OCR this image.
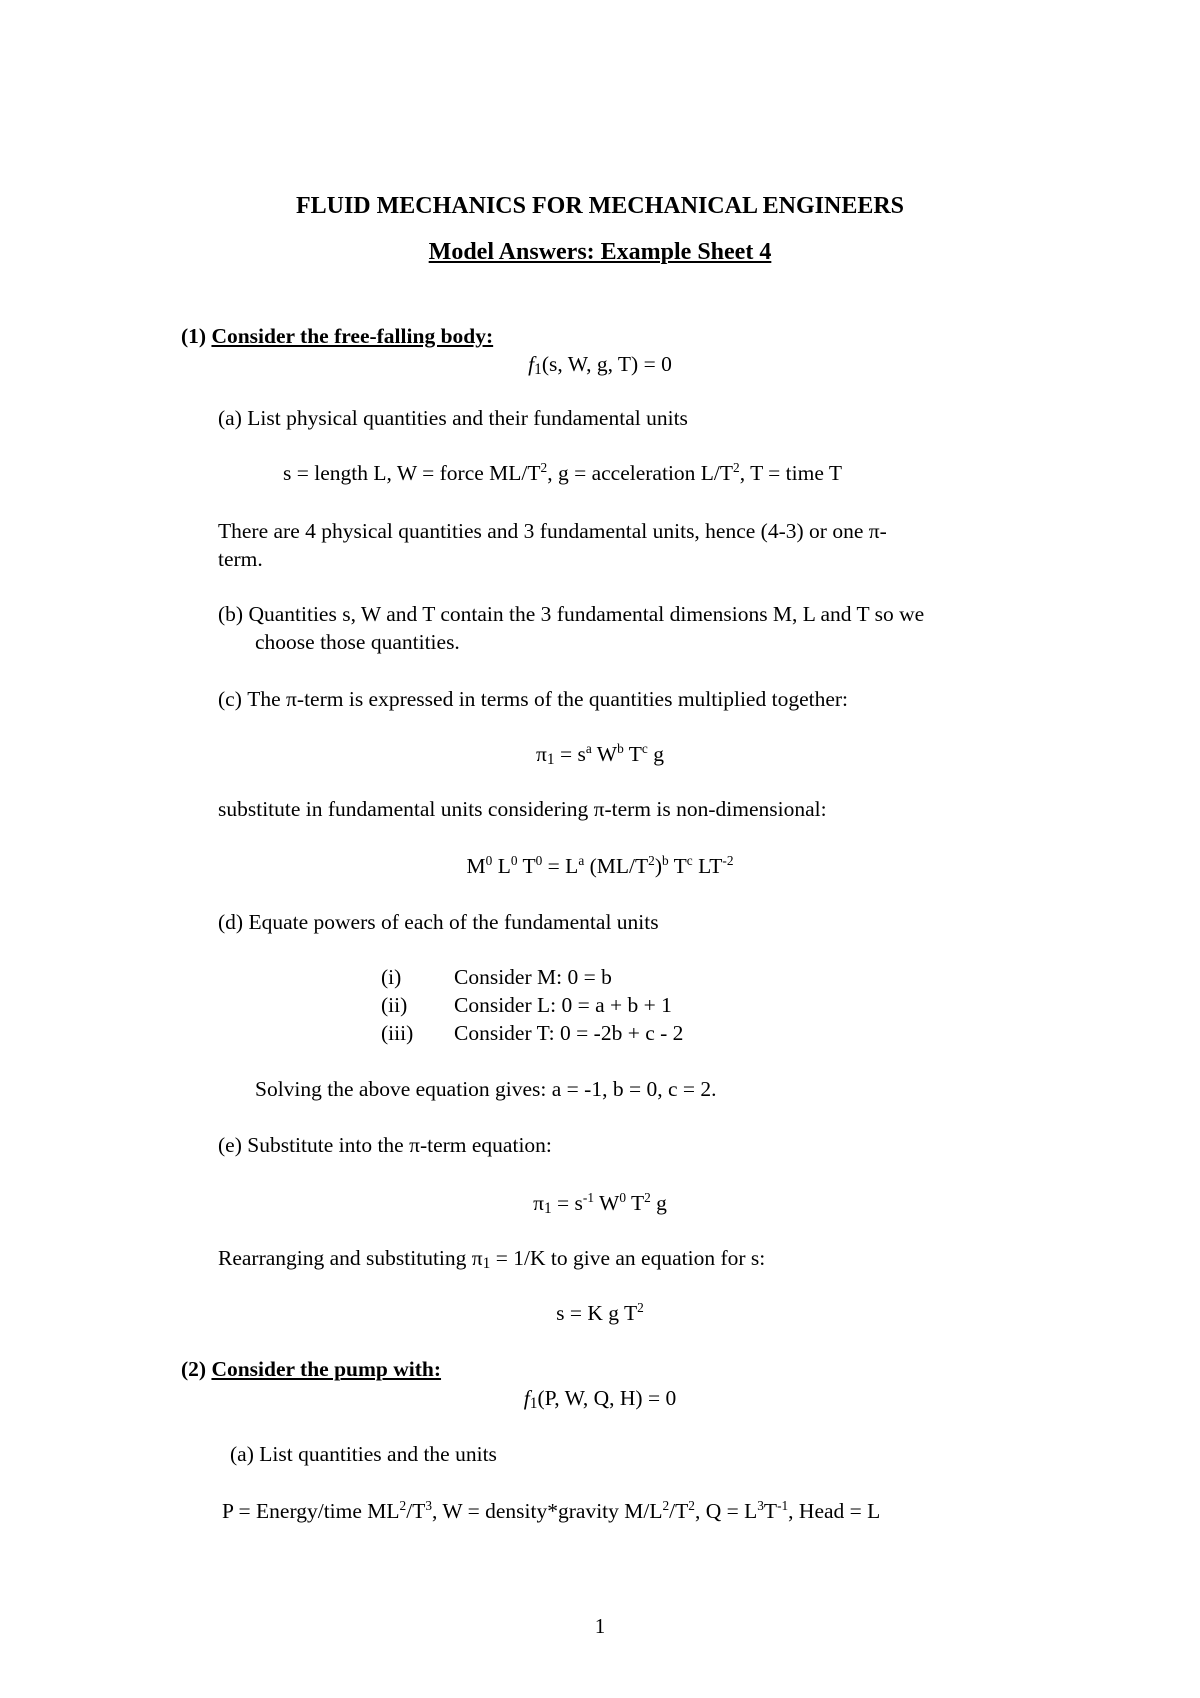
FLUID MECHANICS FOR MECHANICAL ENGINEERS
Model Answers: Example Sheet 4
(1) Consider the free-falling body:
$f_1(s$, W, g, T) = 0
(a) List physical quantities and their fundamental units
s = length L, W = force $ML/T^2$, g = acceleration $L/T^2$, T = time T
There are 4 physical quantities and 3 fundamental units, hence (4-3) or one π-
term.
(b) Quantities s, W and T contain the 3 fundamental dimensions M, L and T so we
choose those quantities.
(c) The π-term is expressed in terms of the quantities multiplied together:
$\pi_1 = s^a$ $W^b$ $T^c$ g
substitute in fundamental units considering π-term is non-dimensional:
$M^0$ $L^0$ $T^0 = L^a$ $(ML/T^2)^b$ $T^c$ $LT^{-2}$
(d) Equate powers of each of the fundamental units
(i) Consider M: 0 = b
(ii) Consider L: 0 = a + b + 1
(iii) Consider T: 0 = -2b + c - 2
Solving the above equation gives: a = -1, b = 0, c = 2.
(e) Substitute into the π-term equation:
$\pi_1 = s^{-1}$ $W^0$ $T^2$ g
Rearranging and substituting $\pi_1 = 1/K$ to give an equation for s:
s = K g $T^2$
(2) Consider the pump with:
$f_1(P$, W, Q, H) = 0
(a) List quantities and the units
P = Energy/time $ML^2/T^3$, W = density*gravity $M/L^2/T^2$, $Q = L^3T^{-1}$, Head = L
1
